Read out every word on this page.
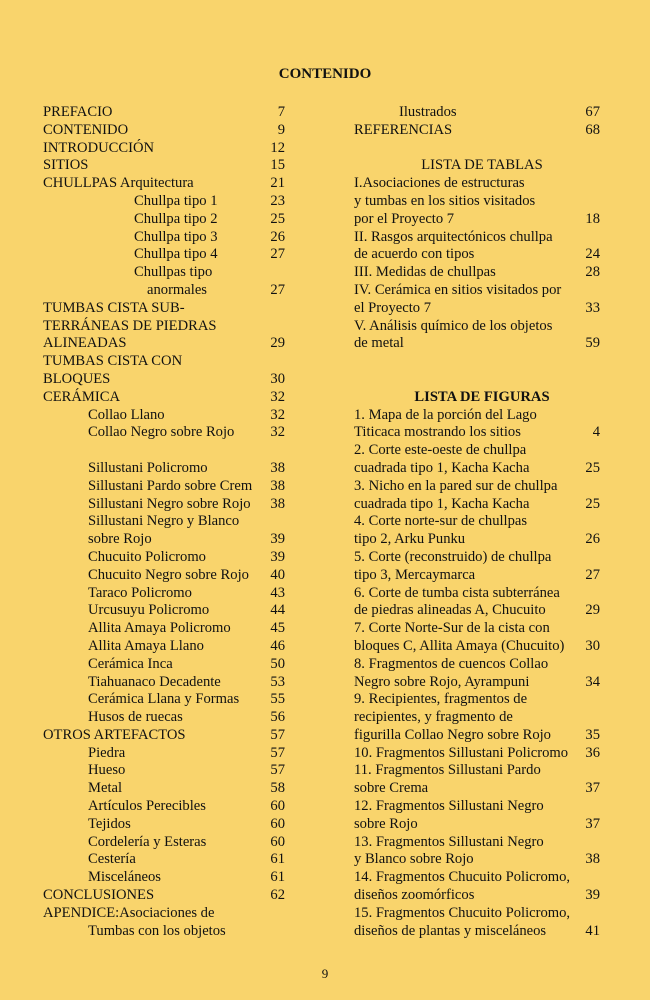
CONTENIDO
PREFACIO	7
CONTENIDO	9
INTRODUCCIÓN	12
SITIOS	15
CHULLPAS Arquitectura	21
Chullpa tipo 1	23
Chullpa tipo 2	25
Chullpa tipo 3	26
Chullpa tipo 4	27
Chullpas tipo
anormales	27
TUMBAS CISTA SUB-
TERRÁNEAS DE PIEDRAS
ALINEADAS	29
TUMBAS CISTA CON
BLOQUES	30
CERÁMICA	32
Collao Llano	32
Collao Negro sobre Rojo 32
Sillustani Policromo	38
Sillustani Pardo sobre Crem 38
Sillustani Negro sobre Rojo 38
Sillustani Negro y Blanco
sobre Rojo	39
Chucuito Policromo	39
Chucuito Negro sobre Rojo 40
Taraco Policromo	43
Urcusuyu Policromo	44
Allita Amaya Policromo	45
Allita Amaya Llano	46
Cerámica Inca	50
Tiahuanaco Decadente	53
Cerámica Llana y Formas 55
Husos de ruecas	56
OTROS ARTEFACTOS	57
Piedra	57
Hueso	57
Metal	58
Artículos Perecibles	60
Tejidos	60
Cordelería y Esteras	60
Cestería	61
Misceláneos	61
CONCLUSIONES	62
APENDICE:Asociaciones de
Tumbas con los objetos
Ilustrados	67
REFERENCIAS	68
LISTA DE TABLAS
I.Asociaciones de estructuras
y tumbas en los sitios visitados
por el Proyecto 7	18
II. Rasgos arquitectónicos chullpa
de acuerdo con tipos	24
III. Medidas de chullpas	28
IV. Cerámica en sitios visitados por
el Proyecto 7	33
V. Análisis químico de los objetos
de metal	59
LISTA DE FIGURAS
1. Mapa de la porción del Lago
Titicaca mostrando los sitios	4
2. Corte este-oeste de chullpa
cuadrada tipo 1, Kacha Kacha	25
3. Nicho en la pared sur de chullpa
cuadrada tipo 1, Kacha Kacha	25
4. Corte norte-sur de chullpas
tipo 2, Arku Punku	26
5. Corte (reconstruido) de chullpa
tipo 3, Mercaymarca	27
6. Corte de tumba cista subterránea
de piedras alineadas A, Chucuito	29
7. Corte Norte-Sur de la cista con
bloques C, Allita Amaya (Chucuito) 30
8. Fragmentos de cuencos Collao
Negro sobre Rojo, Ayrampuni	34
9. Recipientes, fragmentos de
recipientes, y fragmento de
figurilla Collao Negro sobre Rojo 35
10. Fragmentos Sillustani Policromo 36
11. Fragmentos Sillustani Pardo
sobre Crema	37
12. Fragmentos Sillustani Negro
sobre Rojo	37
13. Fragmentos Sillustani Negro
y Blanco sobre Rojo	38
14. Fragmentos Chucuito Policromo,
diseños zoomórficos	39
15. Fragmentos Chucuito Policromo,
diseños de plantas y misceláneos	41
9
